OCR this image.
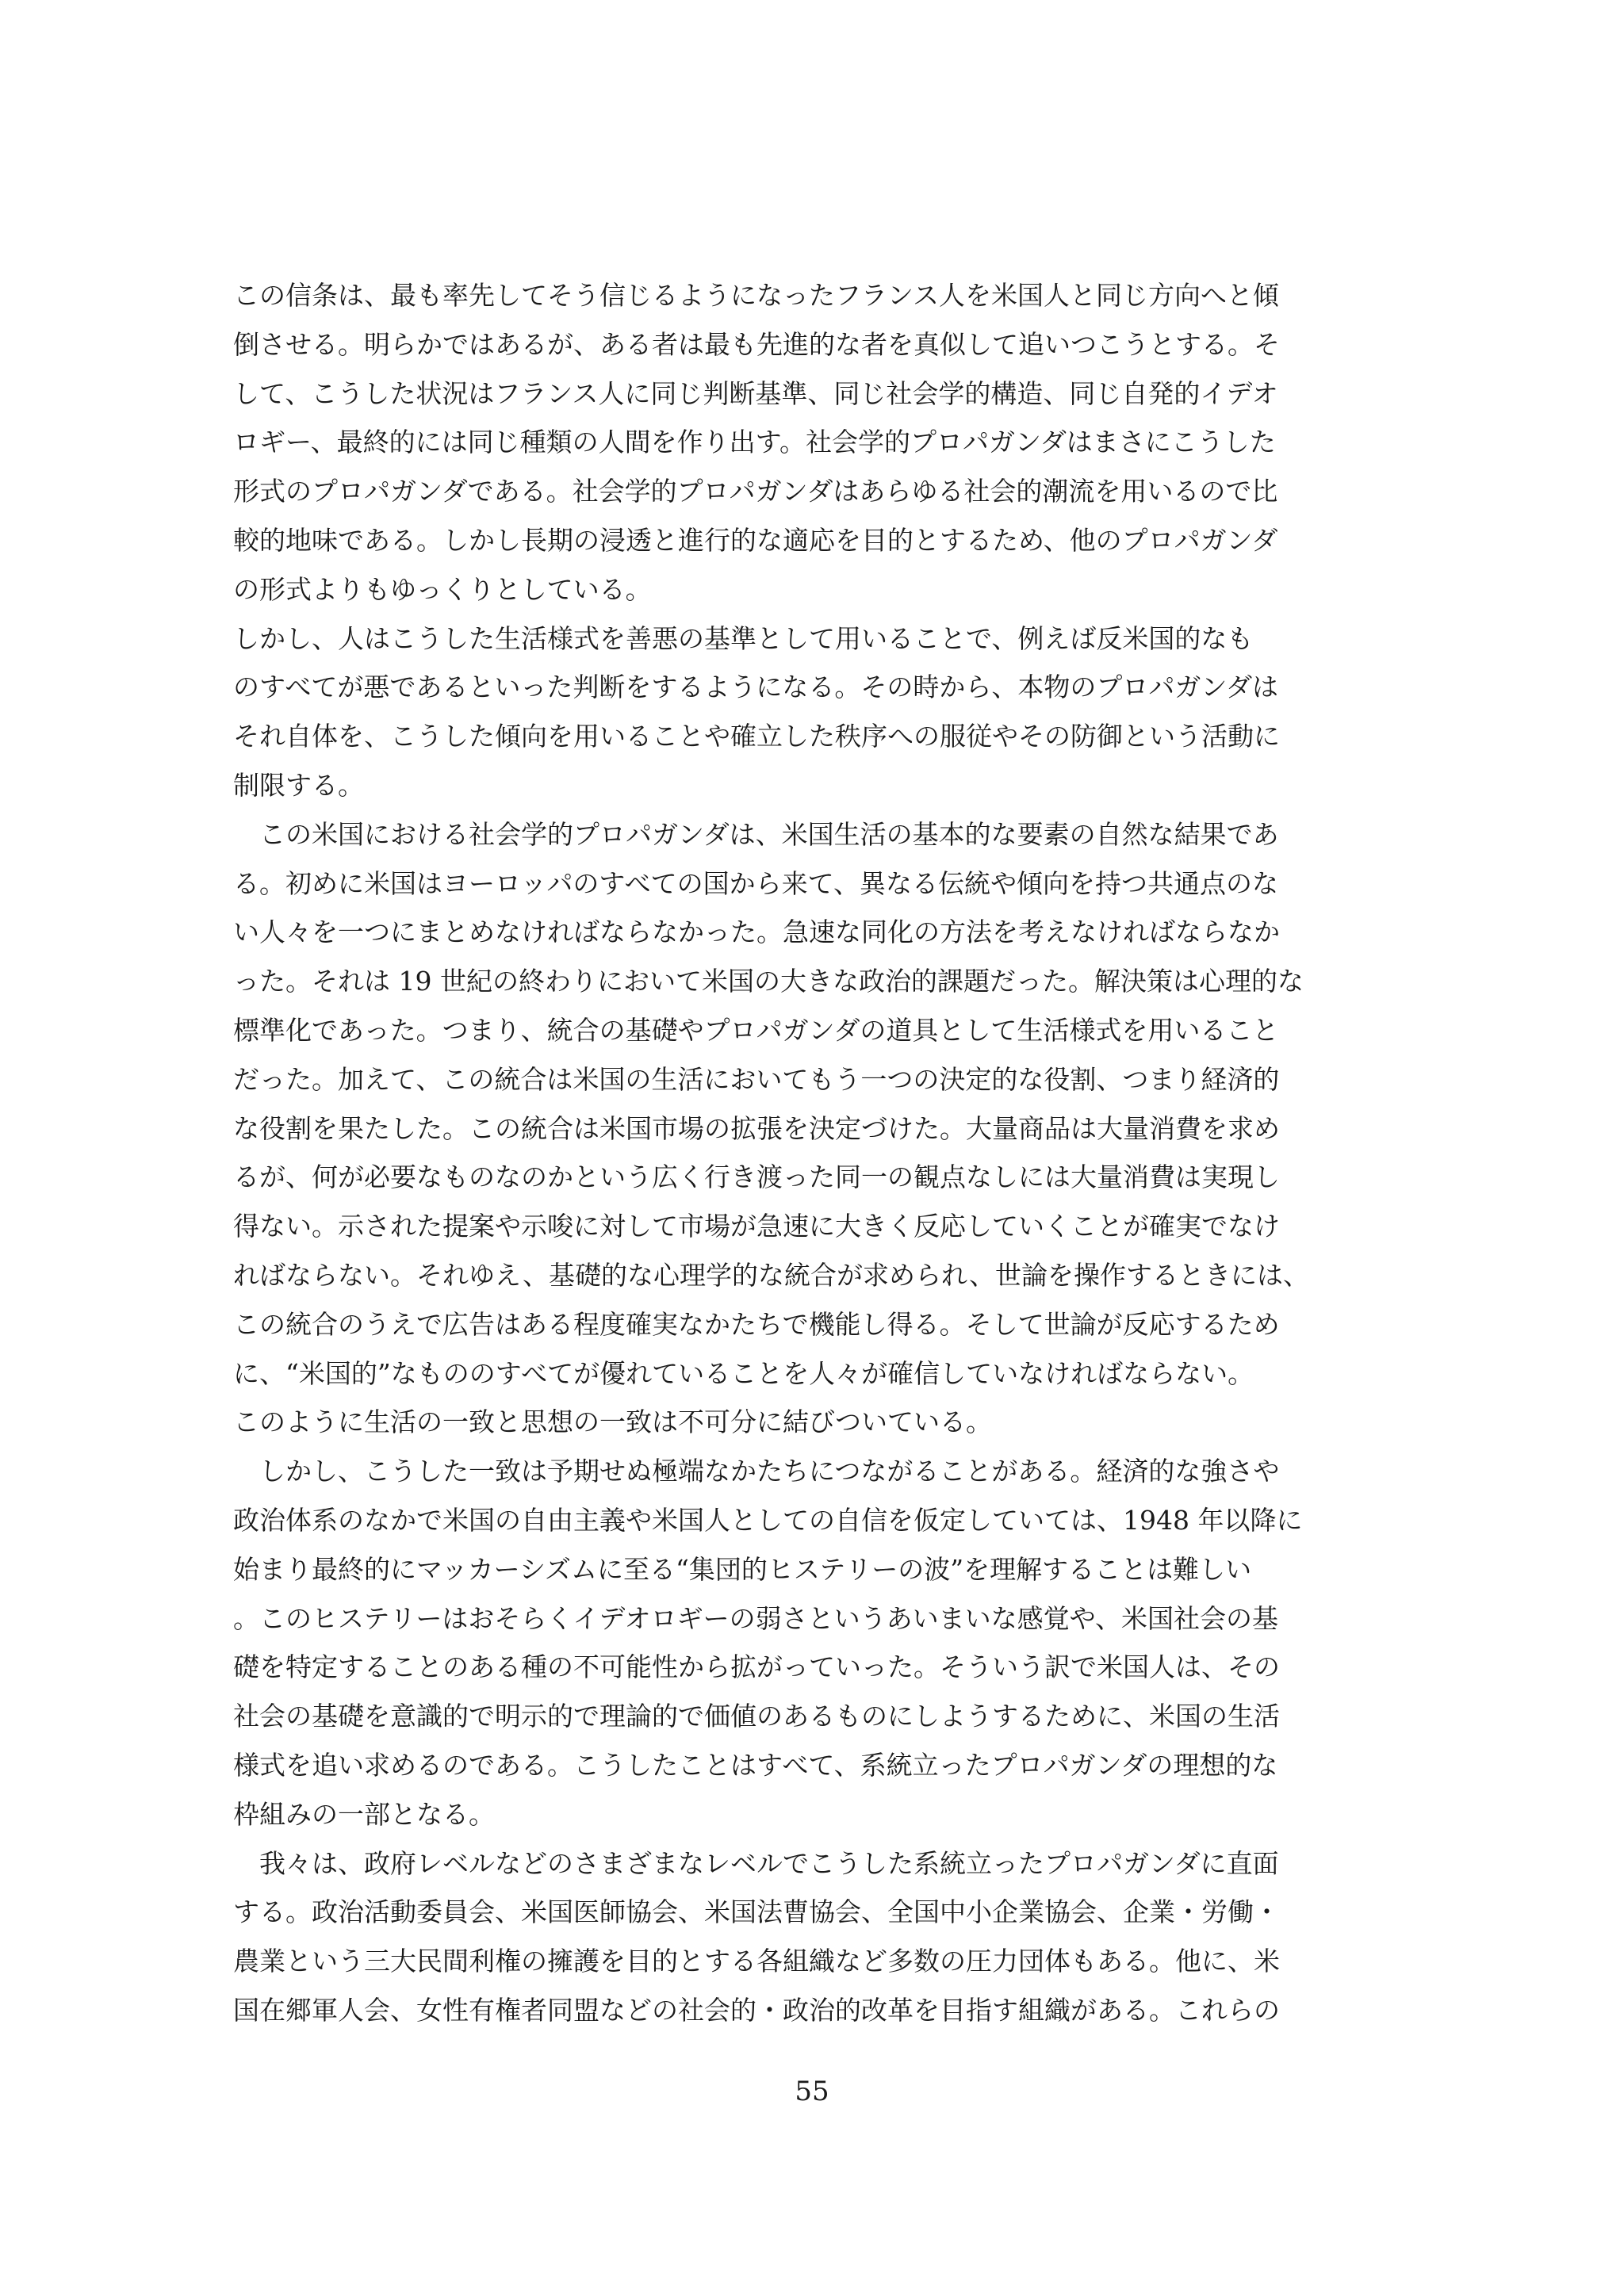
この信条は、最も率先してそう信じるようになったフランス人を米国人と同じ方向へと傾
倒させる。明らかではあるが、ある者は最も先進的な者を真似して追いつこうとする。そ
して、こうした状況はフランス人に同じ判断基準、同じ社会学的構造、同じ自発的イデオ
ロギー、最終的には同じ種類の人間を作り出す。社会学的プロパガンダはまさにこうした
形式のプロパガンダである。社会学的プロパガンダはあらゆる社会的潮流を用いるので比
較的地味である。しかし長期の浸透と進行的な適応を目的とするため、他のプロパガンダ
の形式よりもゆっくりとしている。
しかし、人はこうした生活様式を善悪の基準として用いることで、例えば反米国的なも
のすべてが悪であるといった判断をするようになる。その時から、本物のプロパガンダは
それ自体を、こうした傾向を用いることや確立した秩序への服従やその防御という活動に
制限する。
　この米国における社会学的プロパガンダは、米国生活の基本的な要素の自然な結果であ
る。初めに米国はヨーロッパのすべての国から来て、異なる伝統や傾向を持つ共通点のな
い人々を一つにまとめなければならなかった。急速な同化の方法を考えなければならなか
った。それは 19 世紀の終わりにおいて米国の大きな政治的課題だった。解決策は心理的な
標準化であった。つまり、統合の基礎やプロパガンダの道具として生活様式を用いること
だった。加えて、この統合は米国の生活においてもう一つの決定的な役割、つまり経済的
な役割を果たした。この統合は米国市場の拡張を決定づけた。大量商品は大量消費を求め
るが、何が必要なものなのかという広く行き渡った同一の観点なしには大量消費は実現し
得ない。示された提案や示唆に対して市場が急速に大きく反応していくことが確実でなけ
ればならない。それゆえ、基礎的な心理学的な統合が求められ、世論を操作するときには、
この統合のうえで広告はある程度確実なかたちで機能し得る。そして世論が反応するため
に、“米国的”なもののすべてが優れていることを人々が確信していなければならない。
このように生活の一致と思想の一致は不可分に結びついている。
　しかし、こうした一致は予期せぬ極端なかたちにつながることがある。経済的な強さや
政治体系のなかで米国の自由主義や米国人としての自信を仮定していては、1948 年以降に
始まり最終的にマッカーシズムに至る“集団的ヒステリーの波”を理解することは難しい
。このヒステリーはおそらくイデオロギーの弱さというあいまいな感覚や、米国社会の基
礎を特定することのある種の不可能性から拡がっていった。そういう訳で米国人は、その
社会の基礎を意識的で明示的で理論的で価値のあるものにしようするために、米国の生活
様式を追い求めるのである。こうしたことはすべて、系統立ったプロパガンダの理想的な
枠組みの一部となる。
　我々は、政府レベルなどのさまざまなレベルでこうした系統立ったプロパガンダに直面
する。政治活動委員会、米国医師協会、米国法曹協会、全国中小企業協会、企業・労働・
農業という三大民間利権の擁護を目的とする各組織など多数の圧力団体もある。他に、米
国在郷軍人会、女性有権者同盟などの社会的・政治的改革を目指す組織がある。これらの
55
